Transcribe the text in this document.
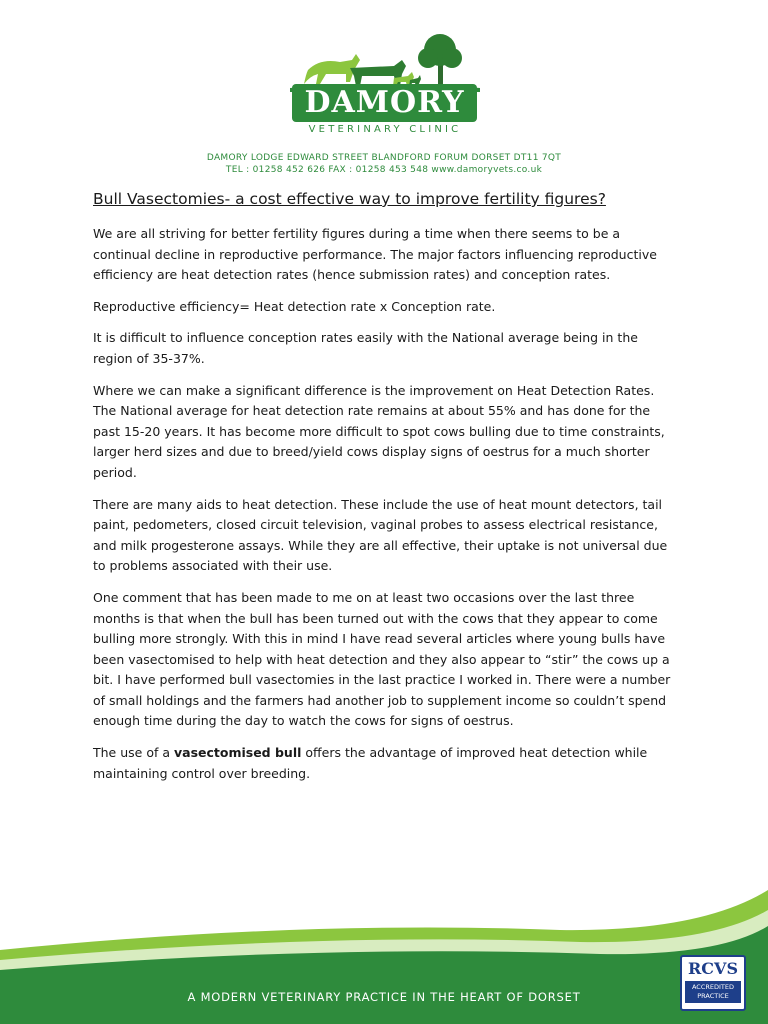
DAMORY
VETERINARY CLINIC
DAMORY LODGE EDWARD STREET BLANDFORD FORUM DORSET DT11 7QT
TEL : 01258 452 626 FAX : 01258 453 548 www.damoryvets.co.uk
Bull Vasectomies- a cost effective way to improve fertility figures?

We are all striving for better fertility figures during a time when there seems to be a continual decline in reproductive performance. The major factors influencing reproductive efficiency are heat detection rates (hence submission rates) and conception rates.

Reproductive efficiency= Heat detection rate x Conception rate.

It is difficult to influence conception rates easily with the National average being in the region of 35-37%.

Where we can make a significant difference is the improvement on Heat Detection Rates. The National average for heat detection rate remains at about 55% and has done for the past 15-20 years. It has become more difficult to spot cows bulling due to time constraints, larger herd sizes and due to breed/yield cows display signs of oestrus for a much shorter period.

There are many aids to heat detection. These include the use of heat mount detectors, tail paint, pedometers, closed circuit television, vaginal probes to assess electrical resistance, and milk progesterone assays. While they are all effective, their uptake is not universal due to problems associated with their use.

One comment that has been made to me on at least two occasions over the last three months is that when the bull has been turned out with the cows that they appear to come bulling more strongly. With this in mind I have read several articles where young bulls have been vasectomised to help with heat detection and they also appear to “stir” the cows up a bit. I have performed bull vasectomies in the last practice I worked in. There were a number of small holdings and the farmers had another job to supplement income so couldn’t spend enough time during the day to watch the cows for signs of oestrus.

The use of a vasectomised bull offers the advantage of improved heat detection while maintaining control over breeding.

A MODERN VETERINARY PRACTICE IN THE HEART OF DORSET
RCVS
ACCREDITED
PRACTICE
